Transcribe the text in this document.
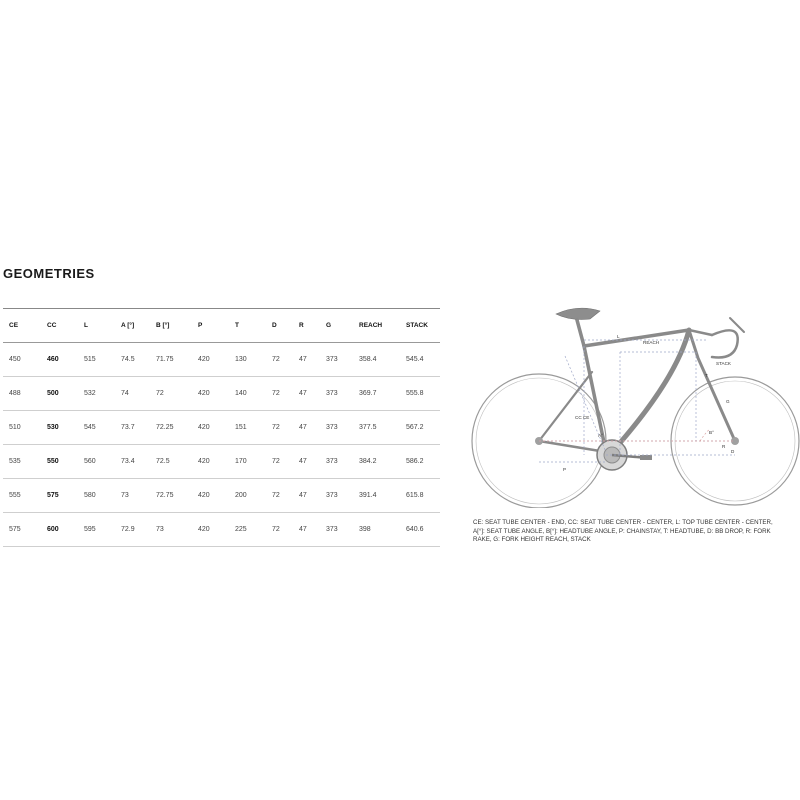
GEOMETRIES
CE	CC	L	A [°]	B [°]	P	T	D	R	G	REACH	STACK
450	460	515	74.5	71.75	420	130	72	47	373	358.4	545.4
488	500	532	74	72	420	140	72	47	373	369.7	555.8
510	530	545	73.7	72.25	420	151	72	47	373	377.5	567.2
535	550	560	73.4	72.5	420	170	72	47	373	384.2	586.2
555	575	580	73	72.75	420	200	72	47	373	391.4	615.8
575	600	595	72.9	73	420	225	72	47	373	398	640.6
L
REACH
STACK
T
CC CE
G
B°
A°
P
R
D
CE: SEAT TUBE CENTER - END, CC: SEAT TUBE CENTER - CENTER, L: TOP TUBE CENTER - CENTER, A[°]: SEAT TUBE ANGLE, B[°]: HEADTUBE ANGLE, P: CHAINSTAY, T: HEADTUBE, D: BB DROP, R: FORK RAKE, G: FORK HEIGHT REACH, STACK
